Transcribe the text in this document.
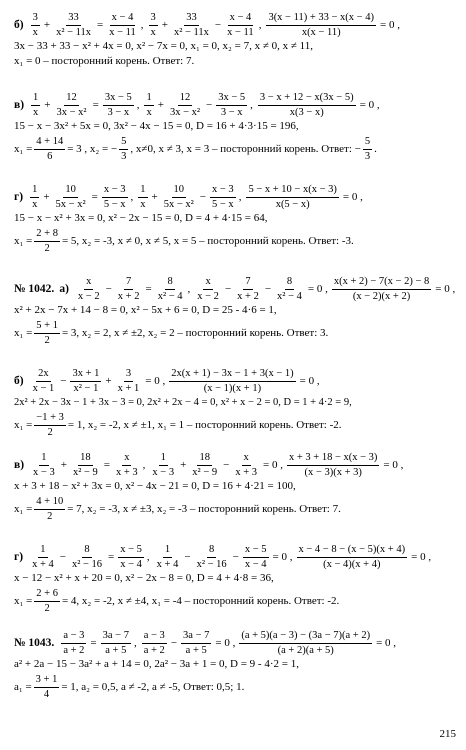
$б) \frac{3}{x} + \frac{33}{\text{x² − 11x}} = \frac{x - 4}{x - 11}$ , $\frac{3}{x} + \frac{33}{\text{x² − 11x}} - \frac{x - 4}{x - 11}$ , $\frac{3(x - 11) + 33 - x(x - 4)}{x(x - 11)} = 0$ ,
3x − 33 + 33 − x² + 4x = 0, x² − 7x = 0, x₁ = 0, x₂ = 7, x ≠ 0, x ≠ 11,
x₁ = 0 – посторонний корень. Ответ: 7.
$в) \frac{1}{x} + \frac{12}{\text{3x − x²}} = \frac{3x - 5}{3 - x}$ , $\frac{1}{x} + \frac{12}{\text{3x − x²}} - \frac{3x - 5}{3 - x}$ , $\frac{3 - x + 12 - x(3x - 5)}{x(3 - x)} = 0$ ,
15 − x − 3x² + 5x = 0, 3x² − 4x − 15 = 0, D = 16 + 4·3·15 = 196,
$x_1 = \frac{4 + 14}{6} = 3$ , x₂ = − $\frac{5}{3}$ , x≠0, x ≠ 3, x = 3 – посторонний корень. Ответ: − $\frac{5}{3}$ .
$г) \frac{1}{x} + \frac{10}{\text{5x − x²}} = \frac{x - 3}{5 - x}$ , $\frac{1}{x} + \frac{10}{\text{5x − x²}} - \frac{x - 3}{5 - x}$ , $\frac{5 - x + 10 - x(x - 3)}{x(5 - x)} = 0$ ,
15 − x − x² + 3x = 0, x² − 2x − 15 = 0, D = 4 + 4·15 = 64,
$x_1 = \frac{2 + 8}{2} = 5$, x₂ = -3, x ≠ 0, x ≠ 5, x = 5 – посторонний корень. Ответ: -3.
№ 1042. $а) \frac{x}{x - 2} - \frac{7}{x + 2} = \frac{8}{\text{x² − 4}}$ , $\frac{x}{x - 2} - \frac{7}{x + 2} - \frac{8}{\text{x² − 4}} = 0$ , $\frac{x(x + 2) - 7(x - 2) - 8}{(x - 2)(x + 2)} = 0$ ,
x² + 2x − 7x + 14 − 8 = 0, x² − 5x + 6 = 0, D = 25 - 4·6 = 1,
$x_1 = \frac{5 + 1}{2} = 3$, x₂ = 2, x ≠ ±2, x₂ = 2 – посторонний корень. Ответ: 3.
$б) \frac{2x}{x - 1} - \frac{3x + 1}{\text{x² − 1}} + \frac{3}{x + 1} = 0$ , $\frac{2x(x + 1) - 3x - 1 + 3(x - 1)}{(x - 1)(x + 1)} = 0$ ,
2x² + 2x − 3x − 1 + 3x − 3 = 0, 2x² + 2x − 4 = 0, x² + x − 2 = 0, D = 1 + 4·2 = 9,
$x_1 = \frac{-1 + 3}{2} = 1$, x₂ = -2, x ≠ ±1, x₁ = 1 – посторонний корень. Ответ: -2.
$в) \frac{1}{x - 3} + \frac{18}{\text{x² − 9}} = \frac{x}{x + 3}$ , $\frac{1}{x - 3} + \frac{18}{\text{x² − 9}} - \frac{x}{x + 3} = 0$ , $\frac{x + 3 + 18 - x(x - 3)}{(x - 3)(x + 3)} = 0$ ,
x + 3 + 18 − x² + 3x = 0, x² − 4x − 21 = 0, D = 16 + 4·21 = 100,
$x_1 = \frac{4 + 10}{2} = 7$, x₂ = -3, x ≠ ±3, x₂ = -3 – посторонний корень. Ответ: 7.
$г) \frac{1}{x + 4} - \frac{8}{\text{x² − 16}} = \frac{x - 5}{x - 4}$ , $\frac{1}{x + 4} - \frac{8}{\text{x² − 16}} - \frac{x - 5}{x - 4} = 0$ , $\frac{x - 4 - 8 - (x - 5)(x + 4)}{(x - 4)(x + 4)} = 0$ ,
x − 12 − x² + x + 20 = 0, x² − 2x − 8 = 0, D = 4 + 4·8 = 36,
$x_1 = \frac{2 + 6}{2} = 4$, x₂ = -2, x ≠ ±4, x₁ = -4 – посторонний корень. Ответ: -2.
№ 1043. $\frac{a - 3}{a + 2} = \frac{3a - 7}{a + 5}$ , $\frac{a - 3}{a + 2} - \frac{3a - 7}{a + 5} = 0$ , $\frac{(a + 5)(a - 3) - (3a - 7)(a + 2)}{(a + 2)(a + 5)} = 0$ ,
a² + 2a − 15 − 3a² + a + 14 = 0, 2a² − 3a + 1 = 0, D = 9 - 4·2 = 1,
$a_1 = \frac{3 + 1}{4} = 1$, a₂ = 0,5, a ≠ -2, a ≠ -5, Ответ: 0,5; 1.
215
